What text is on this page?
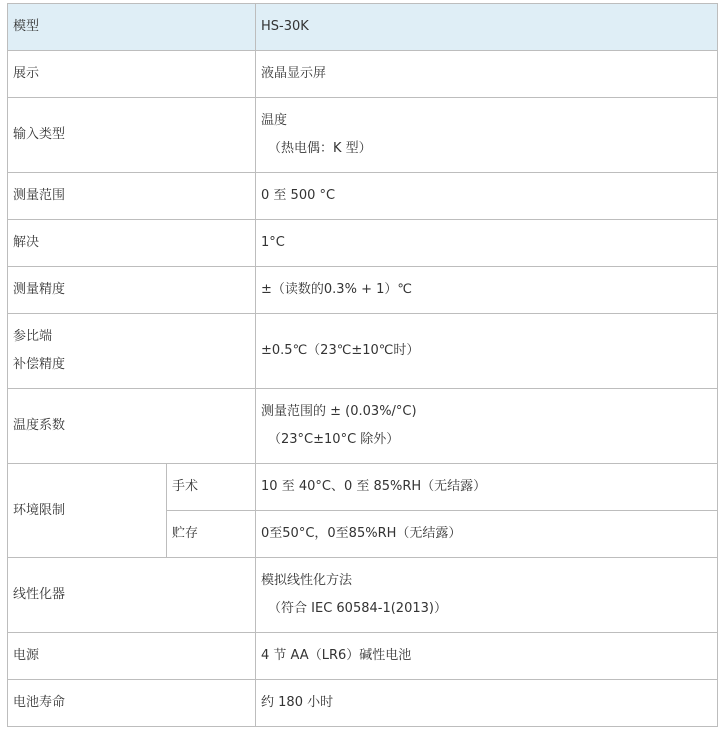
模型		HS-30K
展示		液晶显示屏
输入类型		温度
（热电偶：K 型）

测量范围		0 至 500 °C
解决		1°C
测量精度		±（读数的0.3% + 1）℃

参比端
补偿精度		±0.5℃（23℃±10℃时）
温度系数		测量范围的 ± (0.03%/°C)
（23°C±10°C 除外）

环境限制	手术	10 至 40°C、0 至 85%RH（无结露）
	贮存	0至50°C，0至85%RH（无结露）
线性化器		模拟线性化方法
（符合 IEC 60584-1(2013)）

电源		4 节 AA（LR6）碱性电池
电池寿命		约 180 小时
